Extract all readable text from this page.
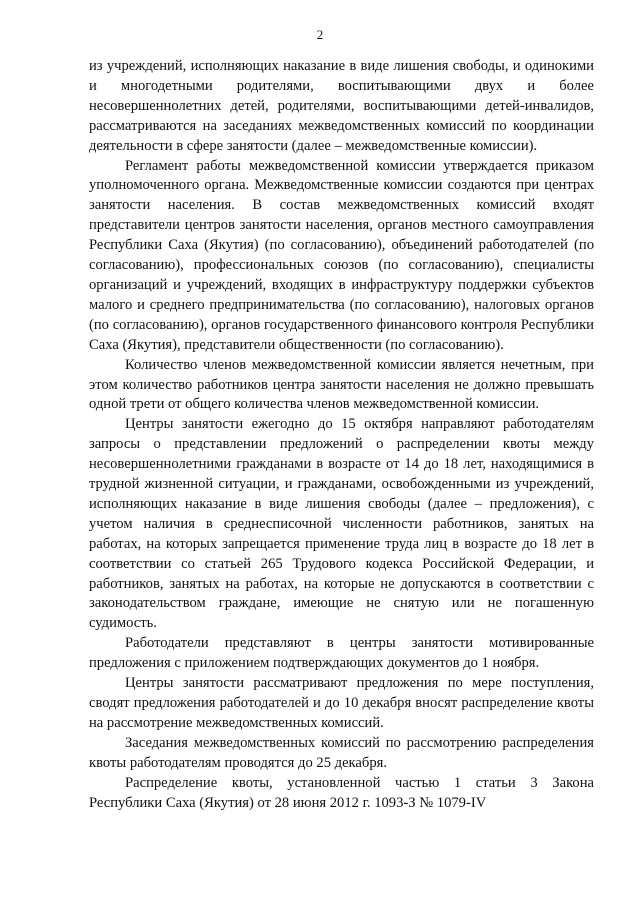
2

из учреждений, исполняющих наказание в виде лишения свободы, и одинокими и многодетными родителями, воспитывающими двух и более несовершеннолетних детей, родителями, воспитывающими детей-инвалидов, рассматриваются на заседаниях межведомственных комиссий по координации деятельности в сфере занятости (далее – межведомственные комиссии).

Регламент работы межведомственной комиссии утверждается приказом уполномоченного органа. Межведомственные комиссии создаются при центрах занятости населения. В состав межведомственных комиссий входят представители центров занятости населения, органов местного самоуправления Республики Саха (Якутия) (по согласованию), объединений работодателей (по согласованию), профессиональных союзов (по согласованию), специалисты организаций и учреждений, входящих в инфраструктуру поддержки субъектов малого и среднего предпринимательства (по согласованию), налоговых органов (по согласованию), органов государственного финансового контроля Республики Саха (Якутия), представители общественности (по согласованию).

Количество членов межведомственной комиссии является нечетным, при этом количество работников центра занятости населения не должно превышать одной трети от общего количества членов межведомственной комиссии.

Центры занятости ежегодно до 15 октября направляют работодателям запросы о представлении предложений о распределении квоты между несовершеннолетними гражданами в возрасте от 14 до 18 лет, находящимися в трудной жизненной ситуации, и гражданами, освобожденными из учреждений, исполняющих наказание в виде лишения свободы (далее – предложения), с учетом наличия в среднесписочной численности работников, занятых на работах, на которых запрещается применение труда лиц в возрасте до 18 лет в соответствии со статьей 265 Трудового кодекса Российской Федерации, и работников, занятых на работах, на которые не допускаются в соответствии с законодательством граждане, имеющие не снятую или не погашенную судимость.

Работодатели представляют в центры занятости мотивированные предложения с приложением подтверждающих документов до 1 ноября.

Центры занятости рассматривают предложения по мере поступления, сводят предложения работодателей и до 10 декабря вносят распределение квоты на рассмотрение межведомственных комиссий.

Заседания межведомственных комиссий по рассмотрению распределения квоты работодателям проводятся до 25 декабря.

Распределение квоты, установленной частью 1 статьи 3 Закона Республики Саха (Якутия) от 28 июня 2012 г. 1093-З № 1079-IV
